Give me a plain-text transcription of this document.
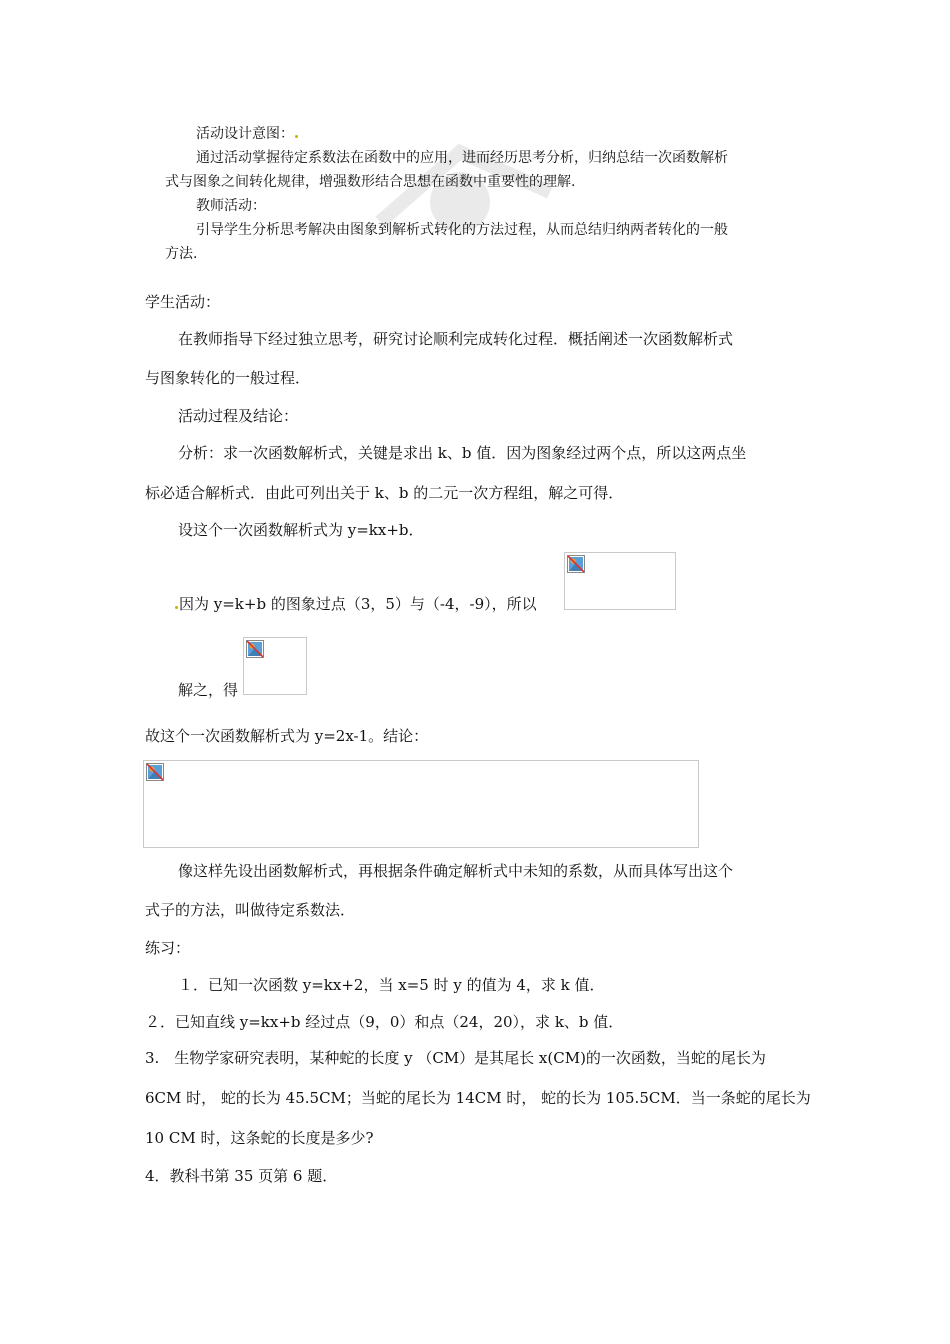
活动设计意图：
通过活动掌握待定系数法在函数中的应用，进而经历思考分析，归纳总结一次函数解析
式与图象之间转化规律，增强数形结合思想在函数中重要性的理解.
教师活动：
引导学生分析思考解决由图象到解析式转化的方法过程，从而总结归纳两者转化的一般
方法.
学生活动：
在教师指导下经过独立思考，研究讨论顺利完成转化过程．概括阐述一次函数解析式
与图象转化的一般过程．
活动过程及结论：
分析：求一次函数解析式，关键是求出 k、b 值．因为图象经过两个点，所以这两点坐
标必适合解析式．由此可列出关于 k、b 的二元一次方程组，解之可得．
设这个一次函数解析式为 y=kx+b．
因为 y=k+b 的图象过点（3，5）与（-4，-9），所以
解之，得
故这个一次函数解析式为 y=2x-1。结论：
像这样先设出函数解析式，再根据条件确定解析式中未知的系数，从而具体写出这个
式子的方法，叫做待定系数法．
练习：
１．已知一次函数 y=kx+2，当 x=5 时 y 的值为 4，求 k 值．
２．已知直线 y=kx+b 经过点（9，0）和点（24，20），求 k、b 值．
3.　生物学家研究表明，某种蛇的长度 y （CM）是其尾长 x(CM)的一次函数，当蛇的尾长为
6CM 时， 蛇的长为 45.5CM；当蛇的尾长为 14CM 时， 蛇的长为 105.5CM．当一条蛇的尾长为
10 CM 时，这条蛇的长度是多少?
4．教科书第 35 页第 6 题．
